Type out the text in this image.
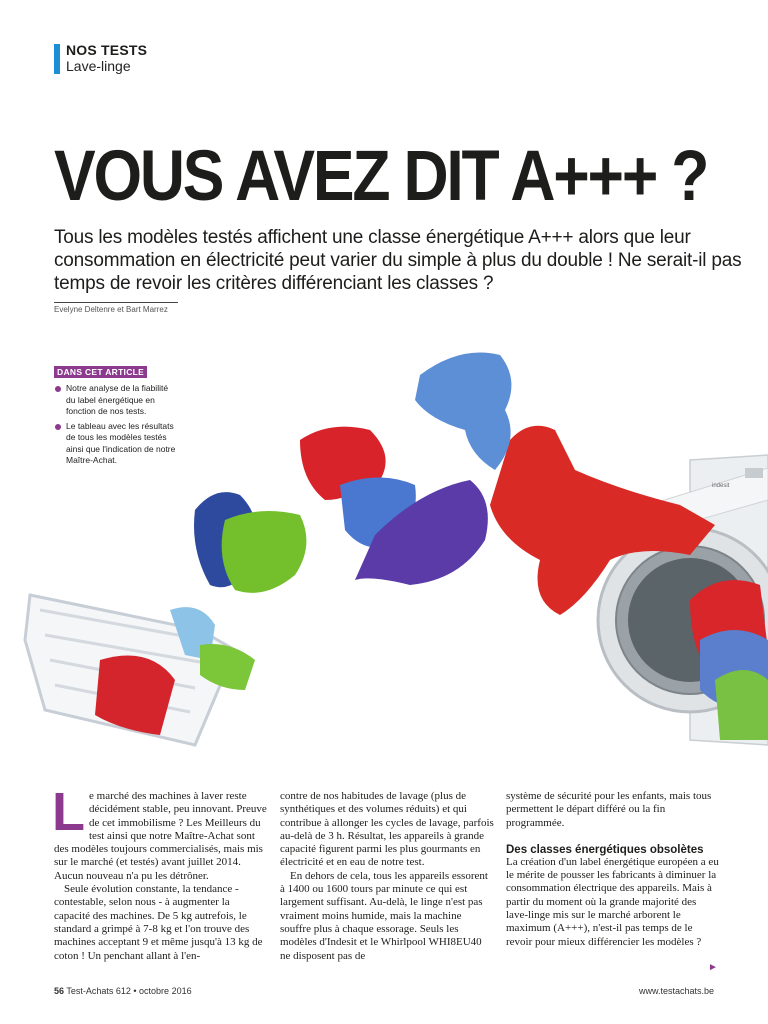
NOS TESTS
Lave-linge
VOUS AVEZ DIT A+++ ?

Tous les modèles testés affichent une classe énergétique A+++ alors que leur consommation en électricité peut varier du simple à plus du double ! Ne serait-il pas temps de revoir les critères différenciant les classes ?

Evelyne Deltenre et Bart Marrez
DANS CET ARTICLE
Notre analyse de la fiabilité du label énergétique en fonction de nos tests.
Le tableau avec les résultats de tous les modèles testés ainsi que l'indication de notre Maître-Achat.
indesit
L e marché des machines à laver reste décidément stable, peu innovant. Preuve de cet immobilisme ? Les Meilleurs du test ainsi que notre Maître-Achat sont des modèles toujours commercialisés, mais mis sur le marché (et testés) avant juillet 2014. Aucun nouveau n'a pu les détrôner.

Seule évolution constante, la tendance - contestable, selon nous - à augmenter la capacité des machines. De 5 kg autrefois, le standard a grimpé à 7-8 kg et l'on trouve des machines acceptant 9 et même jusqu'à 13 kg de coton ! Un penchant allant à l'en-

contre de nos habitudes de lavage (plus de synthétiques et des volumes réduits) et qui contribue à allonger les cycles de lavage, parfois au-delà de 3 h. Résultat, les appareils à grande capacité figurent parmi les plus gourmants en électricité et en eau de notre test.

En dehors de cela, tous les appareils essorent à 1400 ou 1600 tours par minute ce qui est largement suffisant. Au-delà, le linge n'est pas vraiment moins humide, mais la machine souffre plus à chaque essorage. Seuls les modèles d'Indesit et le Whirlpool WHI8EU40 ne disposent pas de

système de sécurité pour les enfants, mais tous permettent le départ différé ou la fin programmée.

Des classes énergétiques obsolètes

La création d'un label énergétique européen a eu le mérite de pousser les fabricants à diminuer la consommation électrique des appareils. Mais à partir du moment où la grande majorité des lave-linge mis sur le marché arborent le maximum (A+++), n'est-il pas temps de le revoir pour mieux différencier les modèles ?

►
56 Test-Achats 612 • octobre 2016	www.testachats.be
